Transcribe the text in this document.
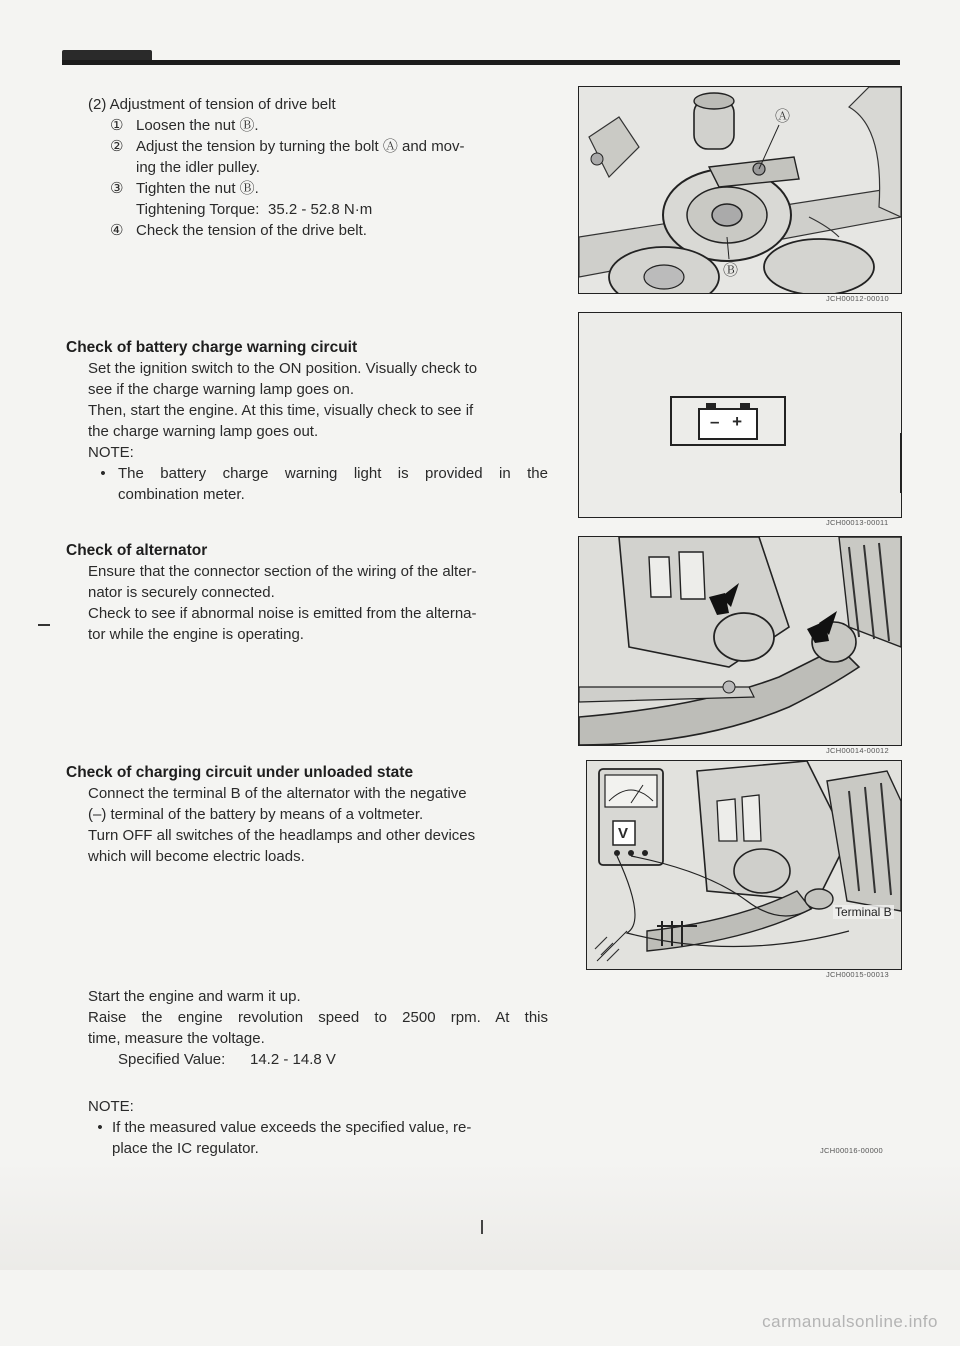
(2) Adjustment of tension of drive belt

① Loosen the nut Ⓑ.

② Adjust the tension by turning the bolt Ⓐ and mov-

ing the idler pulley.

③ Tighten the nut Ⓑ.

Tightening Torque: 35.2 - 52.8 N·m

④ Check the tension of the drive belt.

Check of battery charge warning circuit

Set the ignition switch to the ON position. Visually check to

see if the charge warning lamp goes on.

Then, start the engine. At this time, visually check to see if

the charge warning lamp goes out.

NOTE:

• The battery charge warning light is provided in the

combination meter.

Check of alternator

Ensure that the connector section of the wiring of the alter-

nator is securely connected.

Check to see if abnormal noise is emitted from the alterna-

tor while the engine is operating.

Check of charging circuit under unloaded state

Connect the terminal B of the alternator with the negative

(–) terminal of the battery by means of a voltmeter.

Turn OFF all switches of the headlamps and other devices

which will become electric loads.

Start the engine and warm it up.

Raise the engine revolution speed to 2500 rpm. At this

time, measure the voltage.

Specified Value: 14.2 - 14.8 V

NOTE:

• If the measured value exceeds the specified value, re-

place the IC regulator.

Ⓐ
Ⓑ
JCH00012-00010
– +
JCH00013-00011
JCH00014-00012
V
Terminal B
JCH00015-00013
JCH00016-00000
carmanualsonline.info
